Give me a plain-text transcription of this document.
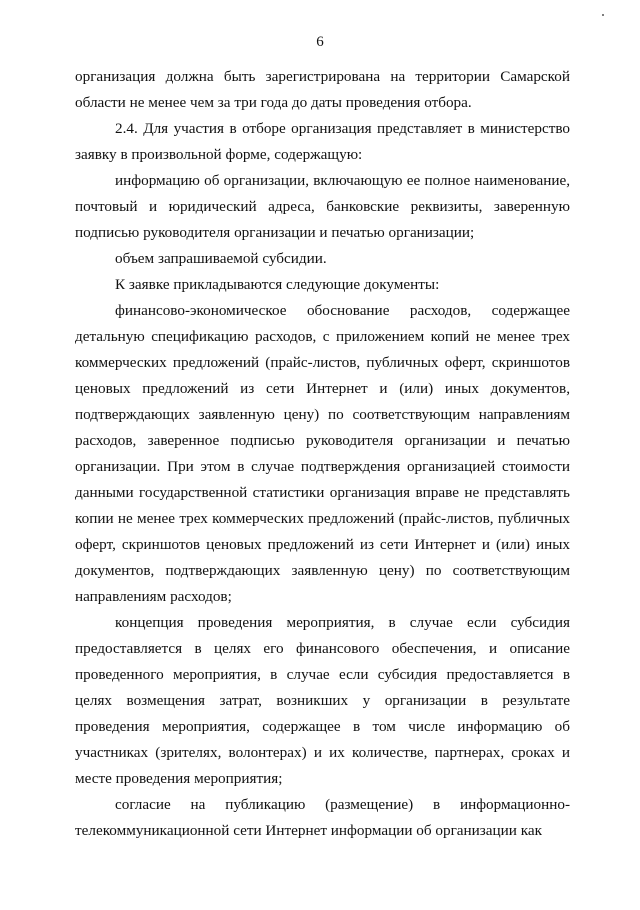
6

организация должна быть зарегистрирована на территории Самарской области не менее чем за три года до даты проведения отбора.

2.4. Для участия в отборе организация представляет в министерство заявку в произвольной форме, содержащую:

информацию об организации, включающую ее полное наименование, почтовый и юридический адреса, банковские реквизиты, заверенную подписью руководителя организации и печатью организации;

объем запрашиваемой субсидии.

К заявке прикладываются следующие документы:

финансово-экономическое обоснование расходов, содержащее детальную спецификацию расходов, с приложением копий не менее трех коммерческих предложений (прайс-листов, публичных оферт, скриншотов ценовых предложений из сети Интернет и (или) иных документов, подтверждающих заявленную цену) по соответствующим направлениям расходов, заверенное подписью руководителя организации и печатью организации. При этом в случае подтверждения организацией стоимости данными государственной статистики организация вправе не представлять копии не менее трех коммерческих предложений (прайс-листов, публичных оферт, скриншотов ценовых предложений из сети Интернет и (или) иных документов, подтверждающих заявленную цену) по соответствующим направлениям расходов;

концепция проведения мероприятия, в случае если субсидия предоставляется в целях его финансового обеспечения, и описание проведенного мероприятия, в случае если субсидия предоставляется в целях возмещения затрат, возникших у организации в результате проведения мероприятия, содержащее в том числе информацию об участниках (зрителях, волонтерах) и их количестве, партнерах, сроках и месте проведения мероприятия;

согласие на публикацию (размещение) в информационно-телекоммуникационной сети Интернет информации об организации как
